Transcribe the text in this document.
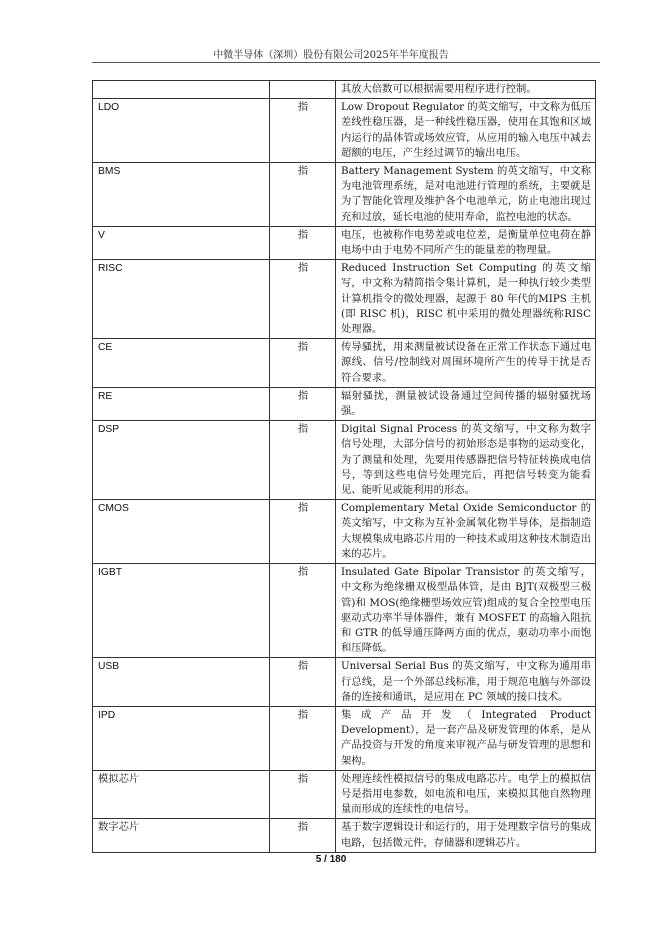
中微半导体（深圳）股份有限公司2025年半年度报告
		其放大倍数可以根据需要用程序进行控制。
LDO	指	Low Dropout Regulator 的英文缩写，中文称为低压差线性稳压器，是一种线性稳压器，使用在其饱和区域内运行的晶体管或场效应管，从应用的输入电压中减去超额的电压，产生经过调节的输出电压。
BMS	指	Battery Management System 的英文缩写，中文称为电池管理系统，是对电池进行管理的系统，主要就是为了智能化管理及维护各个电池单元，防止电池出现过充和过放，延长电池的使用寿命，监控电池的状态。
V	指	电压，也被称作电势差或电位差，是衡量单位电荷在静电场中由于电势不同所产生的能量差的物理量。
RISC	指	Reduced Instruction Set Computing 的英文缩写，中文称为精简指令集计算机，是一种执行较少类型计算机指令的微处理器，起源于 80 年代的MIPS 主机(即 RISC 机)，RISC 机中采用的微处理器统称RISC 处理器。
CE	指	传导骚扰，用来测量被试设备在正常工作状态下通过电源线、信号/控制线对周围环境所产生的传导干扰是否符合要求。
RE	指	辐射骚扰，测量被试设备通过空间传播的辐射骚扰场强。
DSP	指	Digital Signal Process 的英文缩写，中文称为数字信号处理，大部分信号的初始形态是事物的运动变化，为了测量和处理，先要用传感器把信号特征转换成电信号，等到这些电信号处理完后，再把信号转变为能看见、能听见或能利用的形态。
CMOS	指	Complementary Metal Oxide Semiconductor 的英文缩写，中文称为互补金属氧化物半导体，是指制造大规模集成电路芯片用的一种技术或用这种技术制造出来的芯片。
IGBT	指	Insulated Gate Bipolar Transistor 的英文缩写，中文称为绝缘栅双极型晶体管，是由 BJT(双极型三极管)和 MOS(绝缘栅型场效应管)组成的复合全控型电压驱动式功率半导体器件，兼有 MOSFET 的高输入阻抗和 GTR 的低导通压降两方面的优点，驱动功率小而饱和压降低。
USB	指	Universal Serial Bus 的英文缩写，中文称为通用串行总线，是一个外部总线标准，用于规范电脑与外部设备的连接和通讯，是应用在 PC 领域的接口技术。
IPD	指	集成产品开发（Integrated Product Development），是一套产品及研发管理的体系，是从产品投资与开发的角度来审视产品与研发管理的思想和架构。
模拟芯片	指	处理连续性模拟信号的集成电路芯片。电学上的模拟信号是指用电参数，如电流和电压，来模拟其他自然物理量而形成的连续性的电信号。
数字芯片	指	基于数字逻辑设计和运行的，用于处理数字信号的集成电路，包括微元件，存储器和逻辑芯片。
5 / 180
